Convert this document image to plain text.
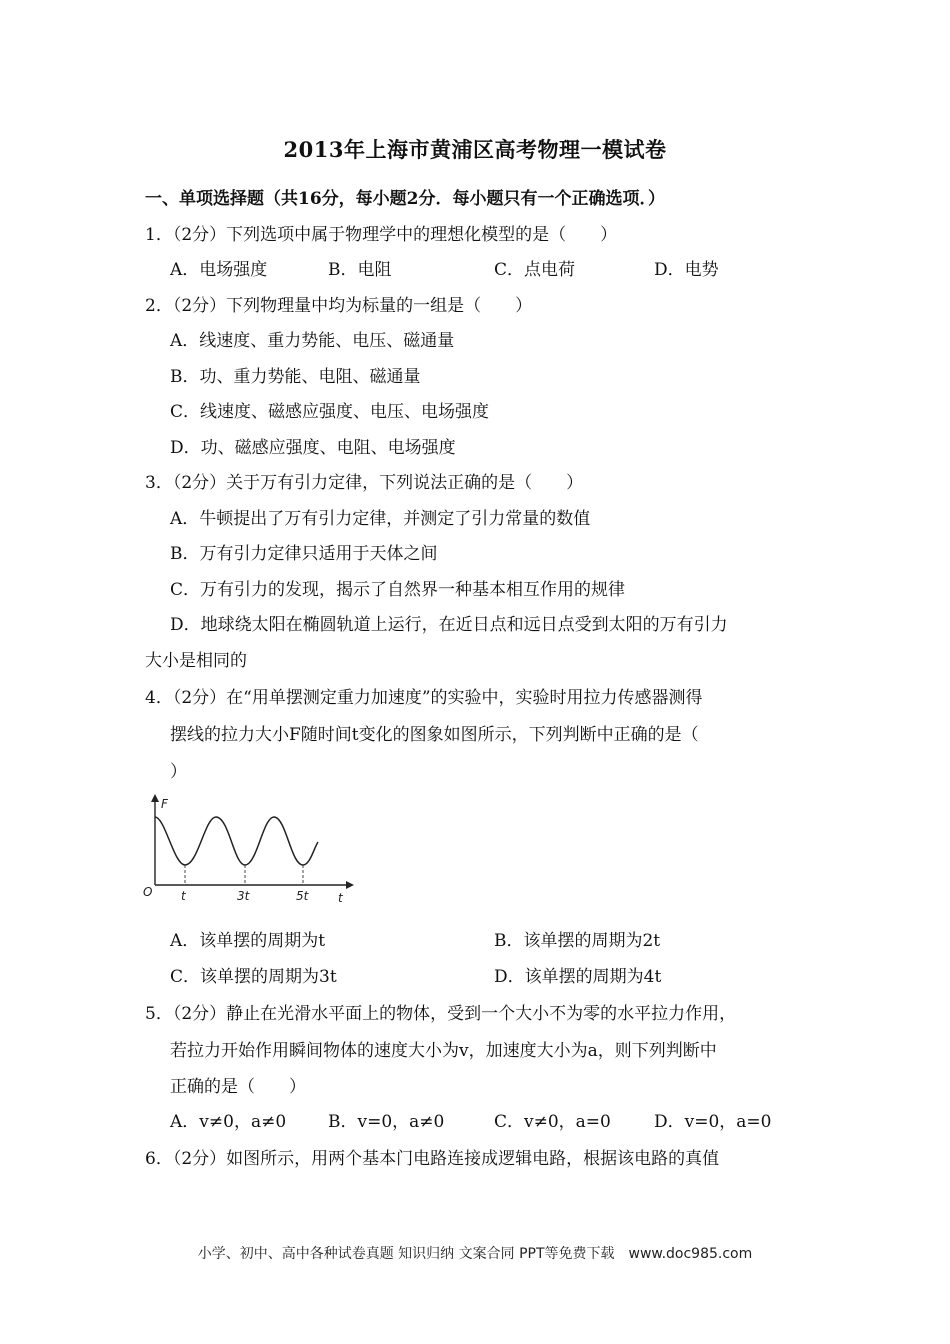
2013年上海市黄浦区高考物理一模试卷
一、单项选择题（共16分，每小题2分．每小题只有一个正确选项．）
1．（2分）下列选项中属于物理学中的理想化模型的是（　　）
A．电场强度	B．电阻	C．点电荷	D．电势
2．（2分）下列物理量中均为标量的一组是（　　）
A．线速度、重力势能、电压、磁通量
B．功、重力势能、电阻、磁通量
C．线速度、磁感应强度、电压、电场强度
D．功、磁感应强度、电阻、电场强度
3．（2分）关于万有引力定律，下列说法正确的是（　　）
A．牛顿提出了万有引力定律，并测定了引力常量的数值
B．万有引力定律只适用于天体之间
C．万有引力的发现，揭示了自然界一种基本相互作用的规律
D．地球绕太阳在椭圆轨道上运行，在近日点和远日点受到太阳的万有引力
大小是相同的
4．（2分）在“用单摆测定重力加速度”的实验中，实验时用拉力传感器测得
摆线的拉力大小F随时间t变化的图象如图所示，下列判断中正确的是（
）
F
t
O t	3t	5t
A．该单摆的周期为t	B．该单摆的周期为2t
C．该单摆的周期为3t	D．该单摆的周期为4t
5．（2分）静止在光滑水平面上的物体，受到一个大小不为零的水平拉力作用，
若拉力开始作用瞬间物体的速度大小为v，加速度大小为a，则下列判断中
正确的是（　　）
A．v≠0，a≠0 B．v=0，a≠0	C．v≠0，a=0	D．v=0，a=0
6．（2分）如图所示，用两个基本门电路连接成逻辑电路，根据该电路的真值
小学、初中、高中各种试卷真题 知识归纳 文案合同 PPT等免费下载　www.doc985.com
